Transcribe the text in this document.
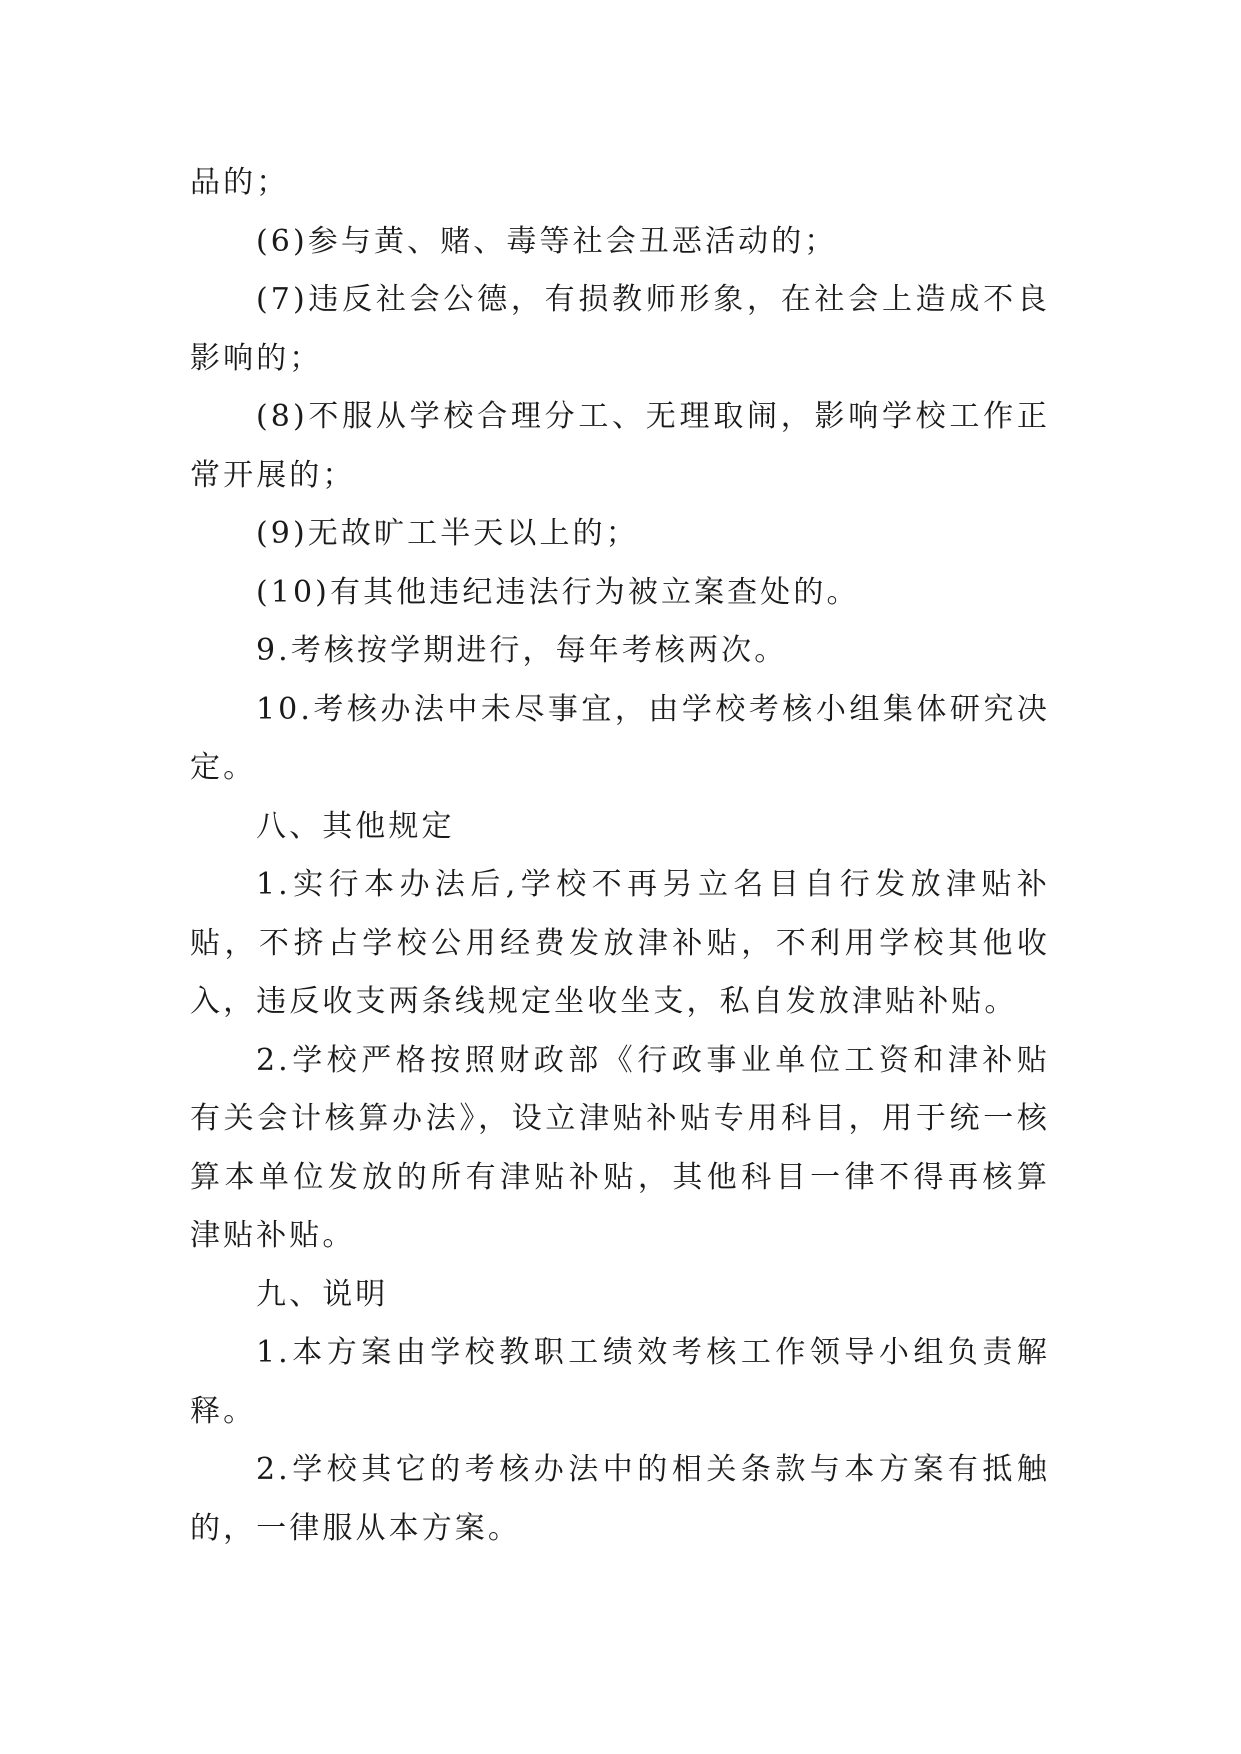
品的；

(6)参与黄、赌、毒等社会丑恶活动的；

(7)违反社会公德，有损教师形象，在社会上造成不良影响的；

(8)不服从学校合理分工、无理取闹，影响学校工作正常开展的；

(9)无故旷工半天以上的；

(10)有其他违纪违法行为被立案查处的。

9.考核按学期进行，每年考核两次。

10.考核办法中未尽事宜，由学校考核小组集体研究决定。

八、其他规定

1.实行本办法后,学校不再另立名目自行发放津贴补贴，不挤占学校公用经费发放津补贴，不利用学校其他收入，违反收支两条线规定坐收坐支，私自发放津贴补贴。

2.学校严格按照财政部《行政事业单位工资和津补贴有关会计核算办法》，设立津贴补贴专用科目，用于统一核算本单位发放的所有津贴补贴，其他科目一律不得再核算津贴补贴。

九、说明

1.本方案由学校教职工绩效考核工作领导小组负责解释。

2.学校其它的考核办法中的相关条款与本方案有抵触的，一律服从本方案。
